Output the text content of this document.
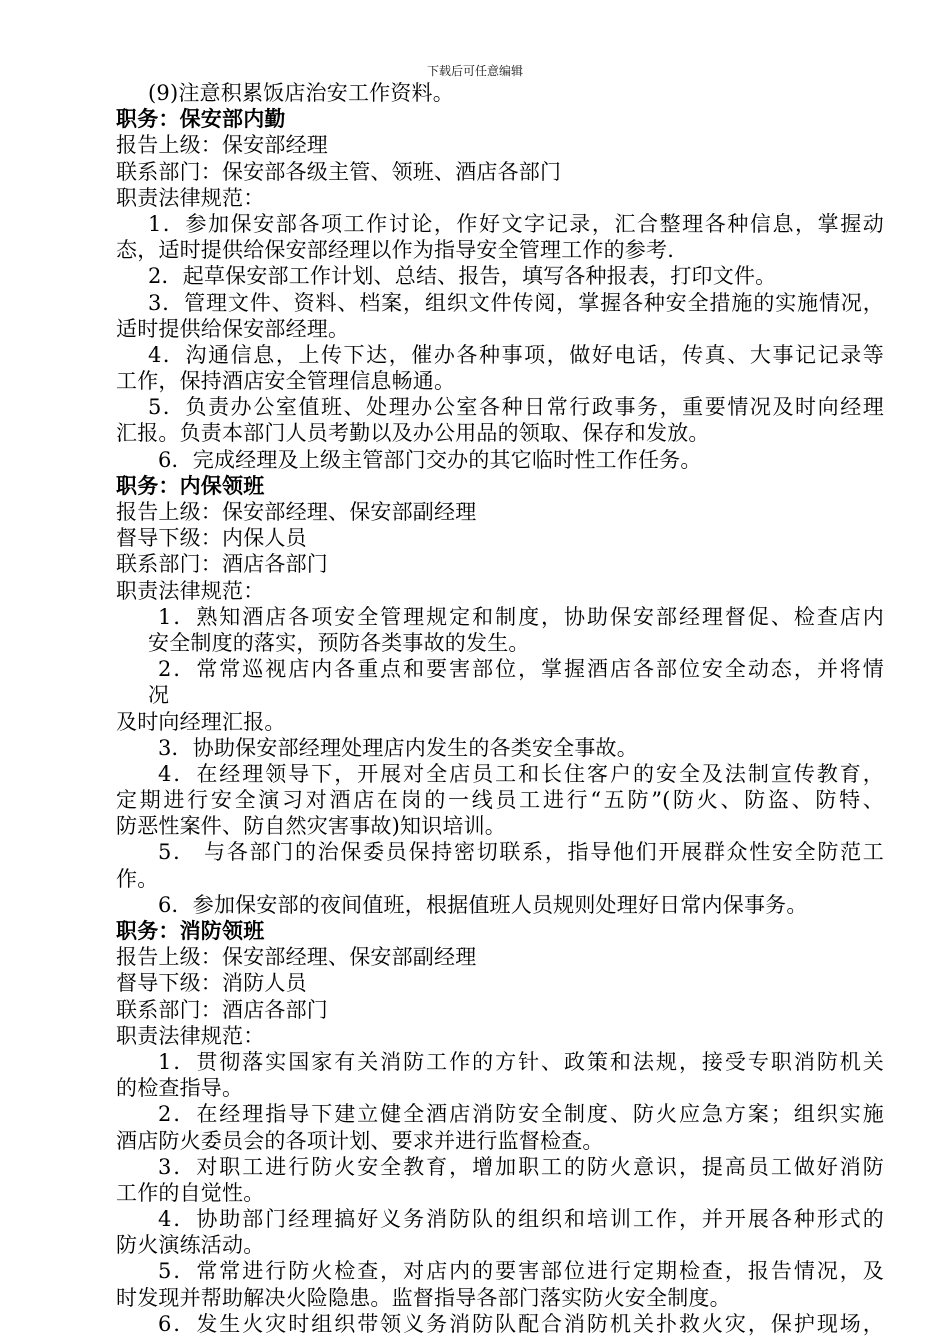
下载后可任意编辑
(9)注意积累饭店治安工作资料。
职务：保安部内勤
报告上级：保安部经理
联系部门：保安部各级主管、领班、酒店各部门
职责法律规范：
1．参加保安部各项工作讨论，作好文字记录，汇合整理各种信息，掌握动
态，适时提供给保安部经理以作为指导安全管理工作的参考.
2．起草保安部工作计划、总结、报告，填写各种报表，打印文件。
3．管理文件、资料、档案，组织文件传阅，掌握各种安全措施的实施情况，
适时提供给保安部经理。
4．沟通信息，上传下达，催办各种事项，做好电话，传真、大事记记录等
工作，保持酒店安全管理信息畅通。
5．负责办公室值班、处理办公室各种日常行政事务，重要情况及时向经理
汇报。负责本部门人员考勤以及办公用品的领取、保存和发放。
6．完成经理及上级主管部门交办的其它临时性工作任务。
职务：内保领班
报告上级：保安部经理、保安部副经理
督导下级：内保人员
联系部门：酒店各部门
职责法律规范：
1．熟知酒店各项安全管理规定和制度，协助保安部经理督促、检查店内
安全制度的落实，预防各类事故的发生。
2．常常巡视店内各重点和要害部位，掌握酒店各部位安全动态，并将情
况
及时向经理汇报。
3．协助保安部经理处理店内发生的各类安全事故。
4．在经理领导下，开展对全店员工和长住客户的安全及法制宣传教育，
定期进行安全演习对酒店在岗的一线员工进行“五防”(防火、防盗、防特、
防恶性案件、防自然灾害事故)知识培训。
5． 与各部门的治保委员保持密切联系，指导他们开展群众性安全防范工
作。
6．参加保安部的夜间值班，根据值班人员规则处理好日常内保事务。
职务：消防领班
报告上级：保安部经理、保安部副经理
督导下级：消防人员
联系部门：酒店各部门
职责法律规范：
1．贯彻落实国家有关消防工作的方针、政策和法规，接受专职消防机关
的检查指导。
2．在经理指导下建立健全酒店消防安全制度、防火应急方案；组织实施
酒店防火委员会的各项计划、要求并进行监督检查。
3．对职工进行防火安全教育，增加职工的防火意识，提高员工做好消防
工作的自觉性。
4．协助部门经理搞好义务消防队的组织和培训工作，并开展各种形式的
防火演练活动。
5．常常进行防火检查，对店内的要害部位进行定期检查，报告情况，及
时发现并帮助解决火险隐患。监督指导各部门落实防火安全制度。
6．发生火灾时组织带领义务消防队配合消防机关扑救火灾，保护现场，
